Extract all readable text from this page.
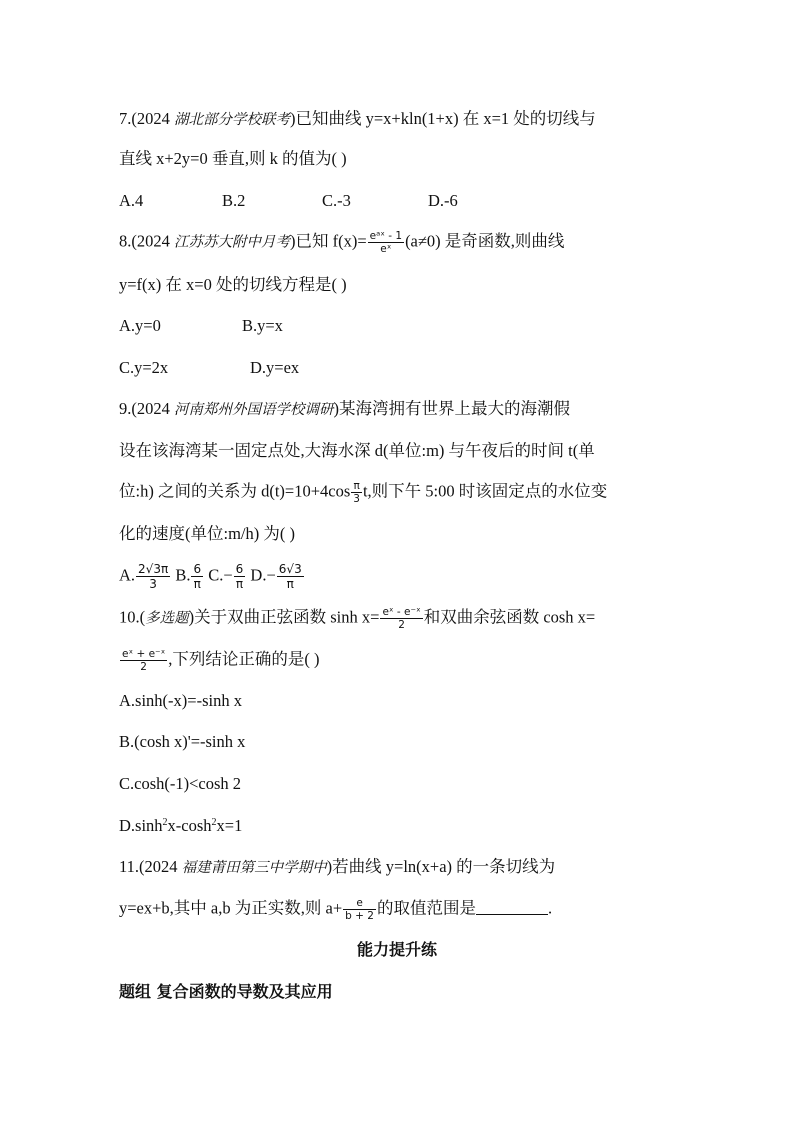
7.(2024 湖北部分学校联考)已知曲线 y=x+kln(1+x) 在 x=1 处的切线与
直线 x+2y=0 垂直,则 k 的值为( )
A.4	B.2	C.-3	D.-6
8.(2024 江苏苏大附中月考)已知 $f(x)= \frac{\text{eᵃˣ - 1}}{\text{eˣ}} (a\ne 0)$ 是奇函数,则曲线
y=f(x) 在 x=0 处的切线方程是( )
A.y=0	B.y=x
C.y=2x	D.y=ex
9.(2024 河南郑州外国语学校调研)某海湾拥有世界上最大的海潮假
设在该海湾某一固定点处,大海水深 d(单位:m) 与午夜后的时间 t(单
位:h) 之间的关系为 $d(t)=10+4\cos \frac{\pi}{3} t$,则下午 5:00 时该固定点的水位变
化的速度(单位:m/h) 为( )
A. $\frac{2√3\pi}{3} B$. $\frac{6}{\pi} C.- \frac{6}{\pi} D.- \frac{6√3}{\pi}$
10.(多选题)关于双曲正弦函数 $\sinh x= \frac{\text{eˣ - e⁻ˣ}}{2}$ 和双曲余弦函数 cosh x=
$\frac{\text{eˣ + e⁻ˣ}}{2}$ ,下列结论正确的是( )
A.sinh(-x)=-sinh x
B.(cosh x)'=-sinh x
C.cosh(-1)<cosh 2
$D.\sinh^2x-\cosh^2x=1$
11.(2024 福建莆田第三中学期中)若曲线 y=ln(x+a) 的一条切线为
y=ex+b,其中 a,b 为正实数,则 $a+ \frac{e}{b + 2}$ 的取值范围是	.
能力提升练
题组 复合函数的导数及其应用
